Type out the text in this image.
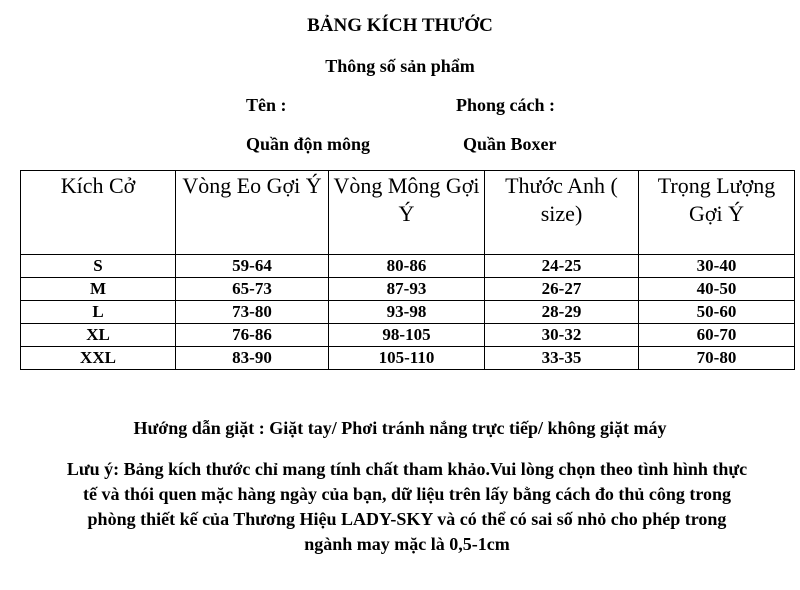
BẢNG KÍCH THƯỚC
Thông số sản phẩm
Tên :	Phong cách :
Quần độn mông	Quần Boxer
Kích Cở	Vòng Eo Gợi Ý	Vòng Mông Gợi Ý	Thước Anh ( size)	Trọng Lượng Gợi Ý
S	59-64	80-86	24-25	30-40
M	65-73	87-93	26-27	40-50
L	73-80	93-98	28-29	50-60
XL	76-86	98-105	30-32	60-70
XXL	83-90	105-110	33-35	70-80
Hướng dẫn giặt : Giặt tay/ Phơi tránh nắng trực tiếp/ không giặt máy
Lưu ý: Bảng kích thước chỉ mang tính chất tham khảo.Vui lòng chọn theo tình hình thực
tế và thói quen mặc hàng ngày của bạn, dữ liệu trên lấy bằng cách đo thủ công trong
phòng thiết kế của Thương Hiệu LADY-SKY và có thể có sai số nhỏ cho phép trong
ngành may mặc là 0,5-1cm
